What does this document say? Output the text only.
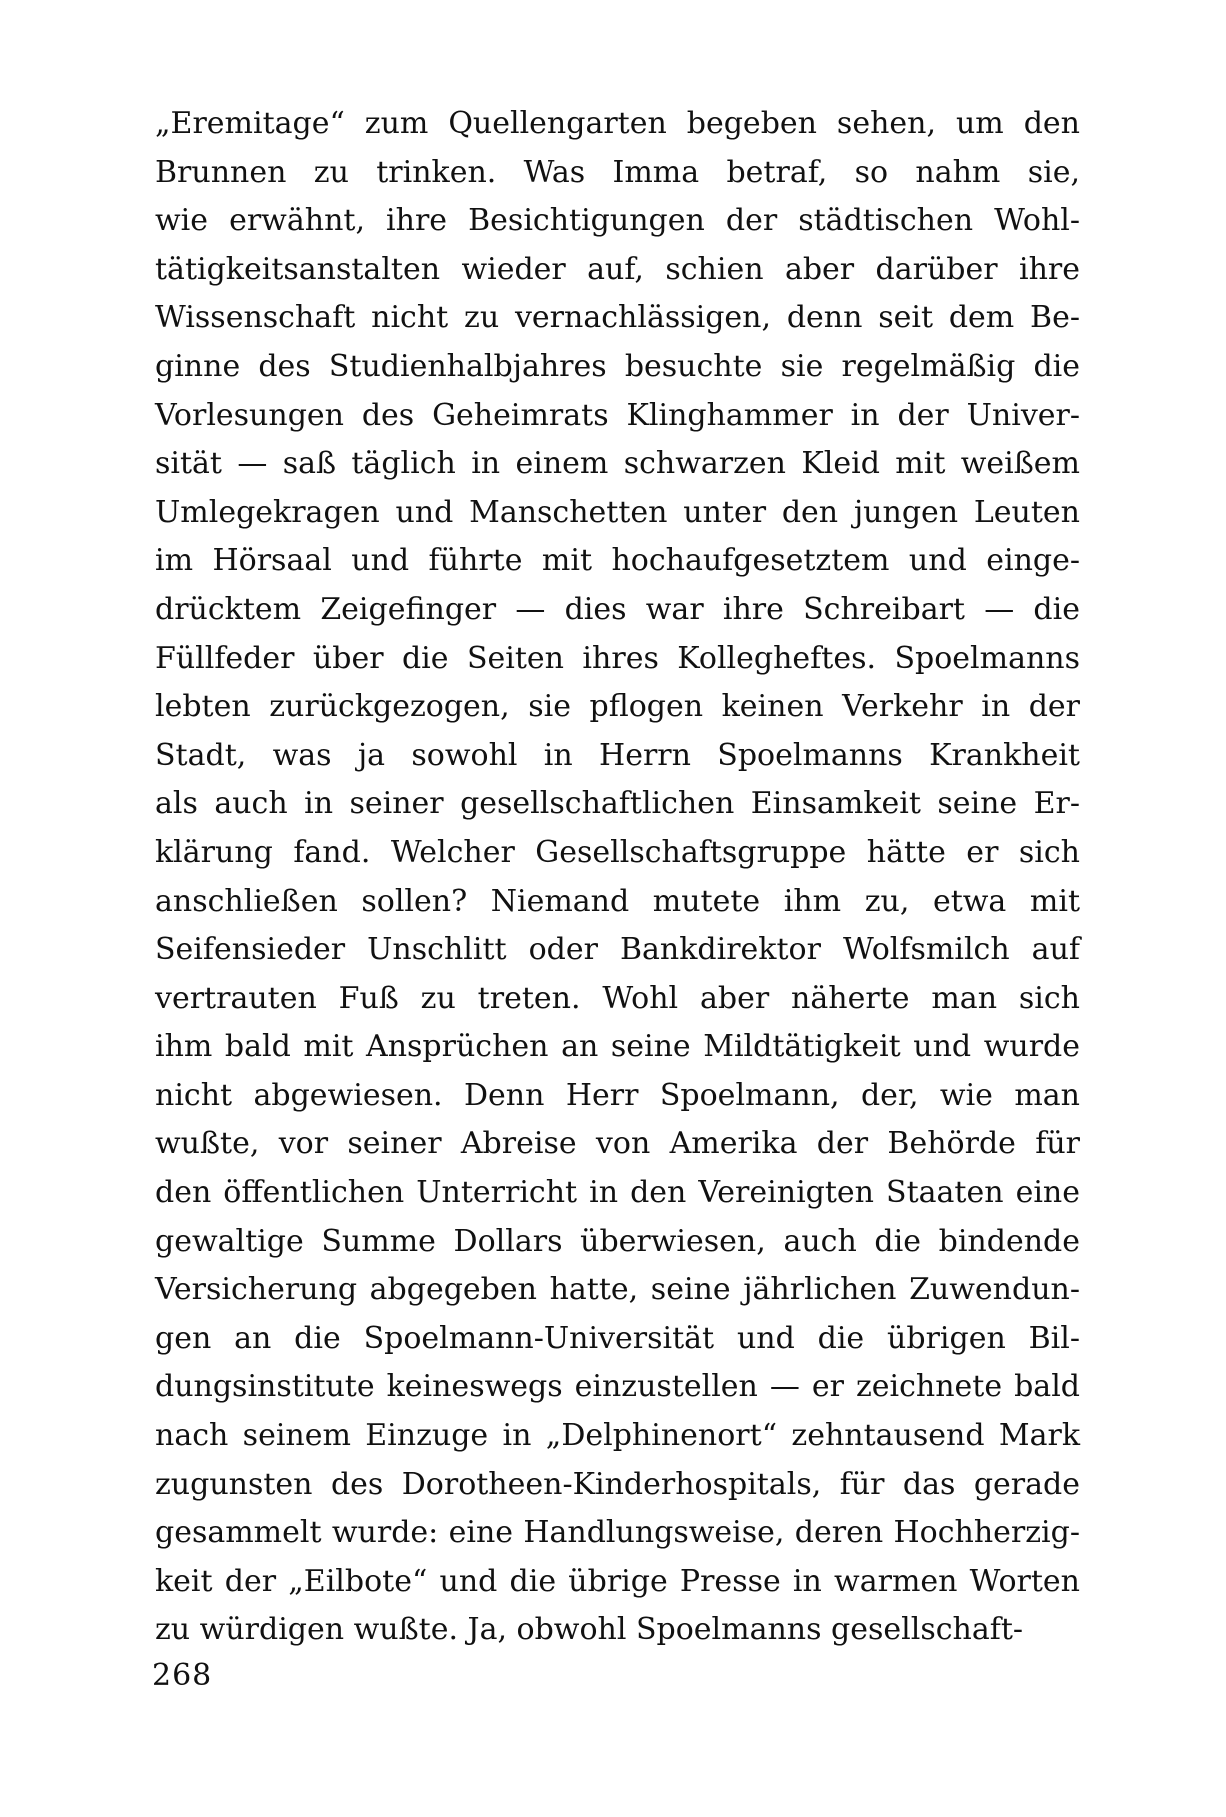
„Eremitage“ zum Quellengarten begeben sehen, um den
Brunnen zu trinken. Was Imma betraf, so nahm sie,
wie erwähnt, ihre Besichtigungen der städtischen Wohl-
tätigkeitsanstalten wieder auf, schien aber darüber ihre
Wissenschaft nicht zu vernachlässigen, denn seit dem Be-
ginne des Studienhalbjahres besuchte sie regelmäßig die
Vorlesungen des Geheimrats Klinghammer in der Univer-
sität — saß täglich in einem schwarzen Kleid mit weißem
Umlegekragen und Manschetten unter den jungen Leuten
im Hörsaal und führte mit hochaufgesetztem und einge-
drücktem Zeigefinger — dies war ihre Schreibart — die
Füllfeder über die Seiten ihres Kollegheftes. Spoelmanns
lebten zurückgezogen, sie pflogen keinen Verkehr in der
Stadt, was ja sowohl in Herrn Spoelmanns Krankheit
als auch in seiner gesellschaftlichen Einsamkeit seine Er-
klärung fand. Welcher Gesellschaftsgruppe hätte er sich
anschließen sollen? Niemand mutete ihm zu, etwa mit
Seifensieder Unschlitt oder Bankdirektor Wolfsmilch auf
vertrauten Fuß zu treten. Wohl aber näherte man sich
ihm bald mit Ansprüchen an seine Mildtätigkeit und wurde
nicht abgewiesen. Denn Herr Spoelmann, der, wie man
wußte, vor seiner Abreise von Amerika der Behörde für
den öffentlichen Unterricht in den Vereinigten Staaten eine
gewaltige Summe Dollars überwiesen, auch die bindende
Versicherung abgegeben hatte, seine jährlichen Zuwendun-
gen an die Spoelmann-Universität und die übrigen Bil-
dungsinstitute keineswegs einzustellen — er zeichnete bald
nach seinem Einzuge in „Delphinenort“ zehntausend Mark
zugunsten des Dorotheen-Kinderhospitals, für das gerade
gesammelt wurde: eine Handlungsweise, deren Hochherzig-
keit der „Eilbote“ und die übrige Presse in warmen Worten
zu würdigen wußte. Ja, obwohl Spoelmanns gesellschaft-
268
